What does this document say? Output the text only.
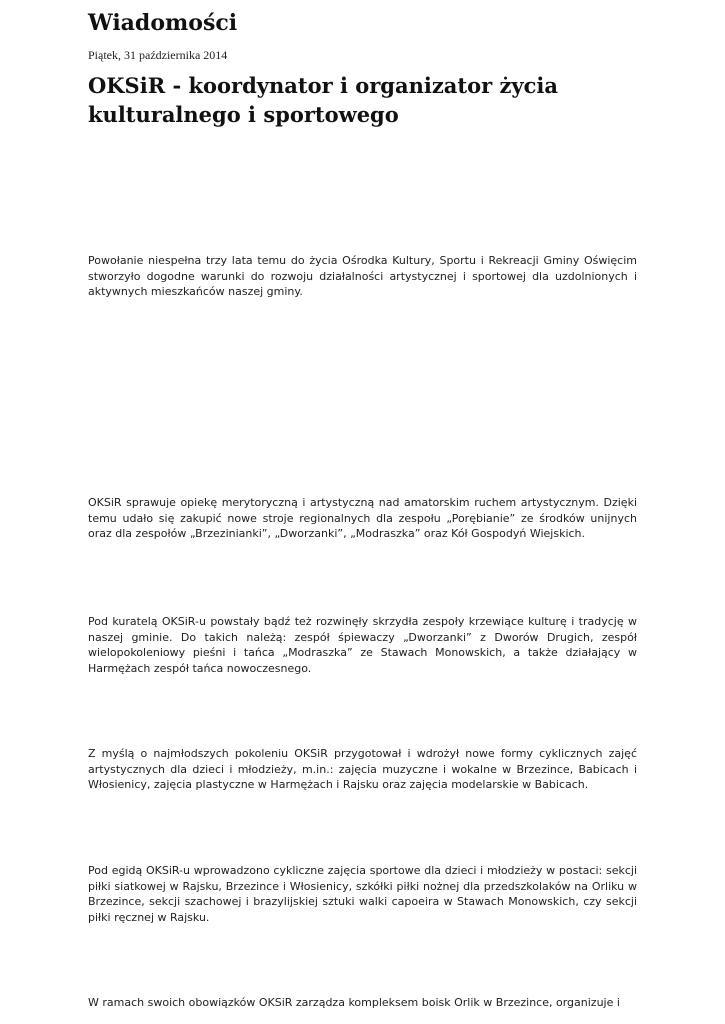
Wiadomości
Piątek, 31 października 2014
OKSiR - koordynator i organizator życia kulturalnego i sportowego

Powołanie niespełna trzy lata temu do życia Ośrodka Kultury, Sportu i Rekreacji Gminy Oświęcim stworzyło dogodne warunki do rozwoju działalności artystycznej i sportowej dla uzdolnionych i aktywnych mieszkańców naszej gminy.

OKSiR sprawuje opiekę merytoryczną i artystyczną nad amatorskim ruchem artystycznym. Dzięki temu udało się zakupić nowe stroje regionalnych dla zespołu „Porębianie” ze środków unijnych oraz dla zespołów „Brzezinianki”, „Dworzanki”, „Modraszka” oraz Kół Gospodyń Wiejskich.

Pod kuratelą OKSiR-u powstały bądź też rozwinęły skrzydła zespoły krzewiące kulturę i tradycję w naszej gminie. Do takich należą: zespół śpiewaczy „Dworzanki” z Dworów Drugich, zespół wielopokoleniowy pieśni i tańca „Modraszka” ze Stawach Monowskich, a także działający w Harmężach zespół tańca nowoczesnego.

Z myślą o najmłodszych pokoleniu OKSiR przygotował i wdrożył nowe formy cyklicznych zajęć artystycznych dla dzieci i młodzieży, m.in.: zajęcia muzyczne i wokalne w Brzezince, Babicach i Włosienicy, zajęcia plastyczne w Harmężach i Rajsku oraz zajęcia modelarskie w Babicach.

Pod egidą OKSiR-u wprowadzono cykliczne zajęcia sportowe dla dzieci i młodzieży w postaci: sekcji piłki siatkowej w Rajsku, Brzezince i Włosienicy, szkółki piłki nożnej dla przedszkolaków na Orliku w Brzezince, sekcji szachowej i brazylijskiej sztuki walki capoeira w Stawach Monowskich, czy sekcji piłki ręcznej w Rajsku.

W ramach swoich obowiązków OKSiR zarządza kompleksem boisk Orlik w Brzezince, organizuje i
